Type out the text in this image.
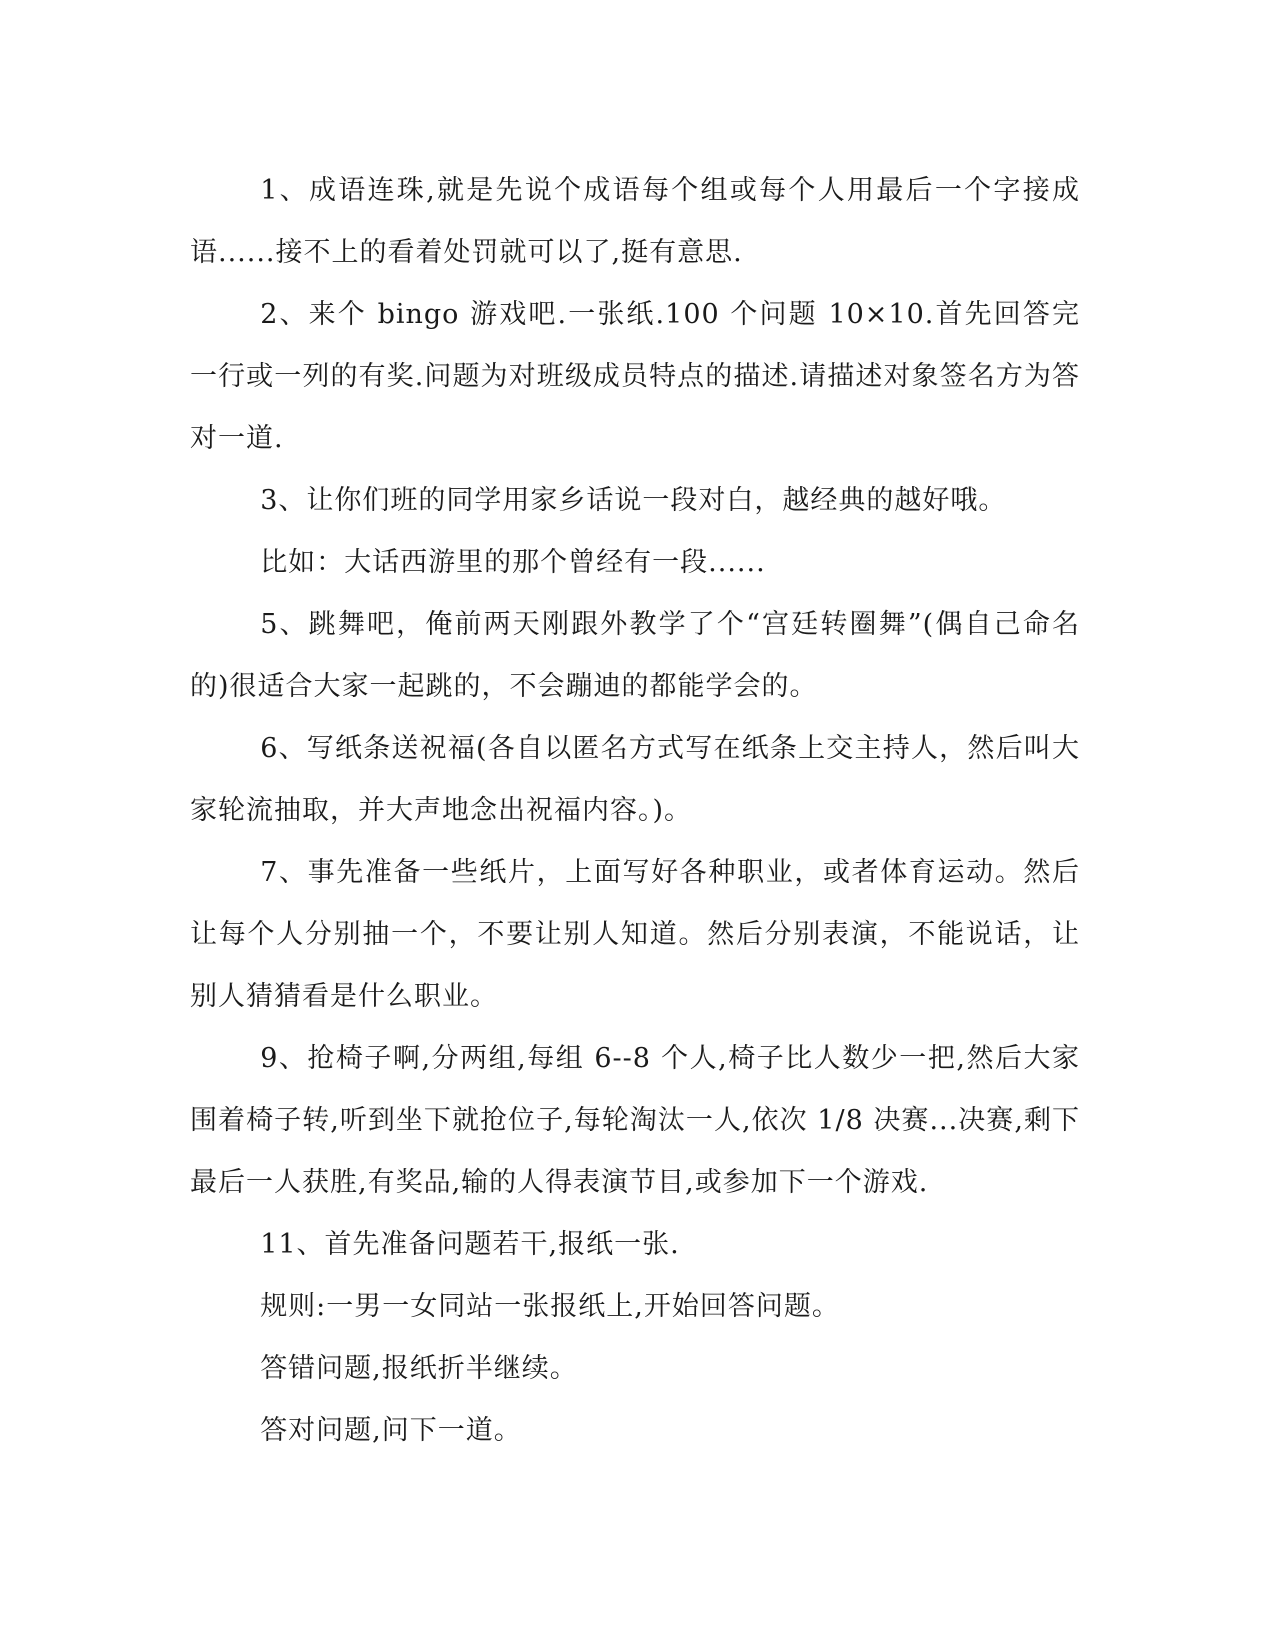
1、成语连珠,就是先说个成语每个组或每个人用最后一个字接成语......接不上的看着处罚就可以了,挺有意思.

2、来个 bingo 游戏吧.一张纸.100 个问题 10×10.首先回答完一行或一列的有奖.问题为对班级成员特点的描述.请描述对象签名方为答对一道.

3、让你们班的同学用家乡话说一段对白，越经典的越好哦。

比如：大话西游里的那个曾经有一段......

5、跳舞吧，俺前两天刚跟外教学了个“宫廷转圈舞”(偶自己命名的)很适合大家一起跳的，不会蹦迪的都能学会的。

6、写纸条送祝福(各自以匿名方式写在纸条上交主持人，然后叫大家轮流抽取，并大声地念出祝福内容。)。

7、事先准备一些纸片，上面写好各种职业，或者体育运动。然后让每个人分别抽一个，不要让别人知道。然后分别表演，不能说话，让别人猜猜看是什么职业。

9、抢椅子啊,分两组,每组 6--8 个人,椅子比人数少一把,然后大家围着椅子转,听到坐下就抢位子,每轮淘汰一人,依次 1/8 决赛...决赛,剩下最后一人获胜,有奖品,输的人得表演节目,或参加下一个游戏.

11、首先准备问题若干,报纸一张.

规则:一男一女同站一张报纸上,开始回答问题。

答错问题,报纸折半继续。

答对问题,问下一道。
